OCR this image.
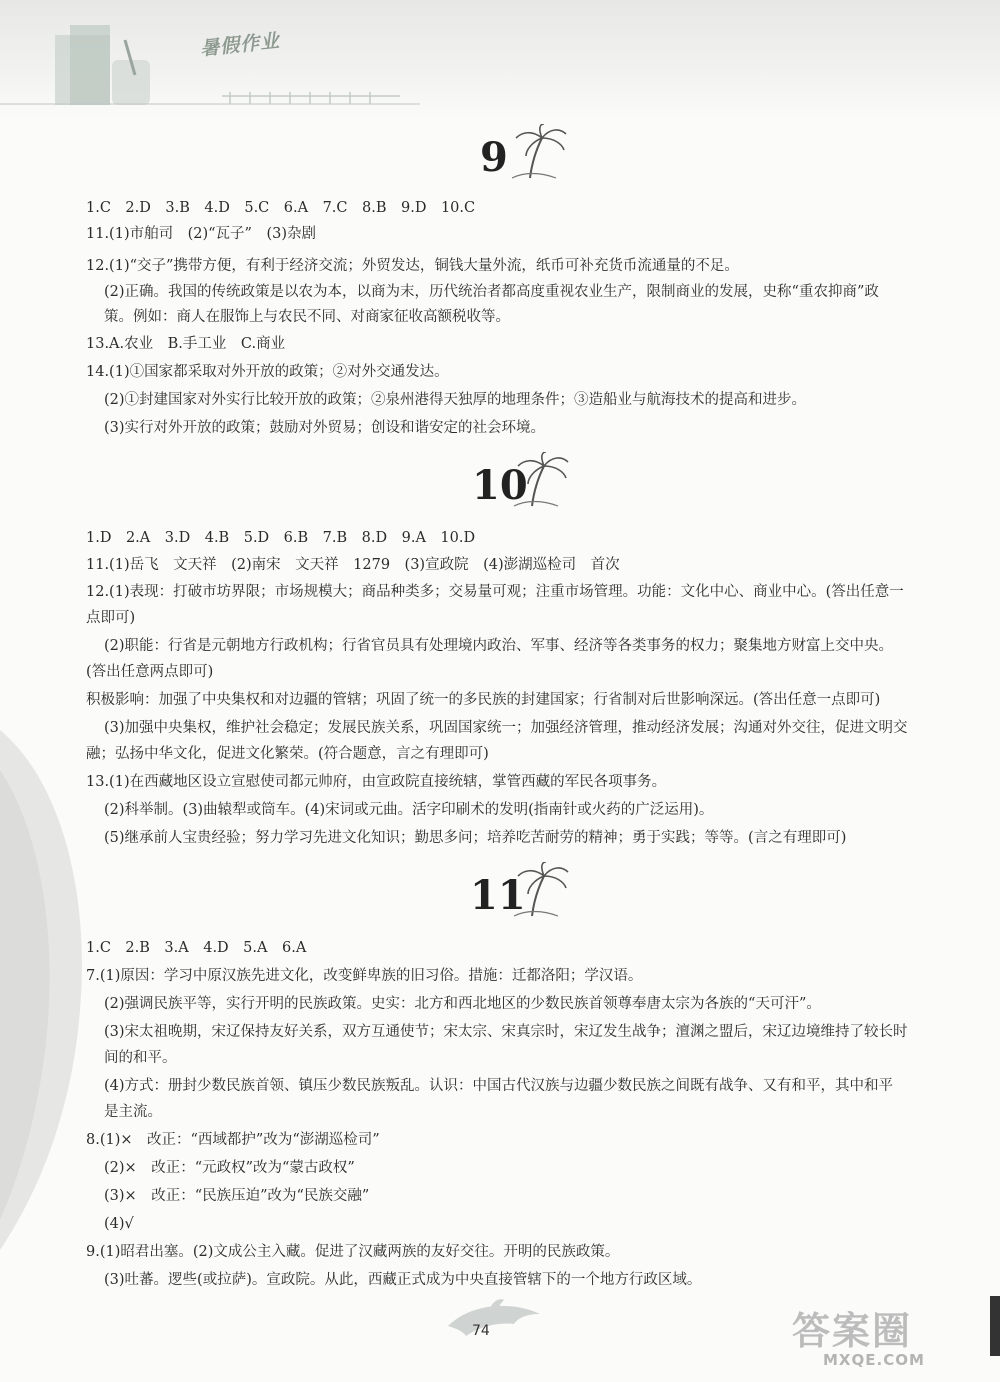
暑假作业
9
1.C　2.D　3.B　4.D　5.C　6.A　7.C　8.B　9.D　10.C
11.(1)市舶司　(2)“瓦子”　(3)杂剧
12.(1)“交子”携带方便，有利于经济交流；外贸发达，铜钱大量外流，纸币可补充货币流通量的不足。
(2)正确。我国的传统政策是以农为本，以商为末，历代统治者都高度重视农业生产，限制商业的发展，史称“重农抑商”政
策。例如：商人在服饰上与农民不同、对商家征收高额税收等。
13.A.农业　B.手工业　C.商业
14.(1)①国家都采取对外开放的政策；②对外交通发达。
(2)①封建国家对外实行比较开放的政策；②泉州港得天独厚的地理条件；③造船业与航海技术的提高和进步。
(3)实行对外开放的政策；鼓励对外贸易；创设和谐安定的社会环境。
10
1.D　2.A　3.D　4.B　5.D　6.B　7.B　8.D　9.A　10.D
11.(1)岳飞　文天祥　(2)南宋　文天祥　1279　(3)宣政院　(4)澎湖巡检司　首次
12.(1)表现：打破市坊界限；市场规模大；商品种类多；交易量可观；注重市场管理。功能：文化中心、商业中心。(答出任意一
点即可)
(2)职能：行省是元朝地方行政机构；行省官员具有处理境内政治、军事、经济等各类事务的权力；聚集地方财富上交中央。
(答出任意两点即可)
积极影响：加强了中央集权和对边疆的管辖；巩固了统一的多民族的封建国家；行省制对后世影响深远。(答出任意一点即可)
(3)加强中央集权，维护社会稳定；发展民族关系，巩固国家统一；加强经济管理，推动经济发展；沟通对外交往，促进文明交
融；弘扬中华文化，促进文化繁荣。(符合题意，言之有理即可)
13.(1)在西藏地区设立宣慰使司都元帅府，由宣政院直接统辖，掌管西藏的军民各项事务。
(2)科举制。(3)曲辕犁或筒车。(4)宋词或元曲。活字印刷术的发明(指南针或火药的广泛运用)。
(5)继承前人宝贵经验；努力学习先进文化知识；勤思多问；培养吃苦耐劳的精神；勇于实践；等等。(言之有理即可)
11
1.C　2.B　3.A　4.D　5.A　6.A
7.(1)原因：学习中原汉族先进文化，改变鲜卑族的旧习俗。措施：迁都洛阳；学汉语。
(2)强调民族平等，实行开明的民族政策。史实：北方和西北地区的少数民族首领尊奉唐太宗为各族的“天可汗”。
(3)宋太祖晚期，宋辽保持友好关系，双方互通使节；宋太宗、宋真宗时，宋辽发生战争；澶渊之盟后，宋辽边境维持了较长时
间的和平。
(4)方式：册封少数民族首领、镇压少数民族叛乱。认识：中国古代汉族与边疆少数民族之间既有战争、又有和平，其中和平
是主流。
8.(1)×　改正：“西域都护”改为“澎湖巡检司”
(2)×　改正：“元政权”改为“蒙古政权”
(3)×　改正：“民族压迫”改为“民族交融”
(4)√
9.(1)昭君出塞。(2)文成公主入藏。促进了汉藏两族的友好交往。开明的民族政策。
(3)吐蕃。逻些(或拉萨)。宣政院。从此，西藏正式成为中央直接管辖下的一个地方行政区域。
74	答案圈
MXQE.COM
